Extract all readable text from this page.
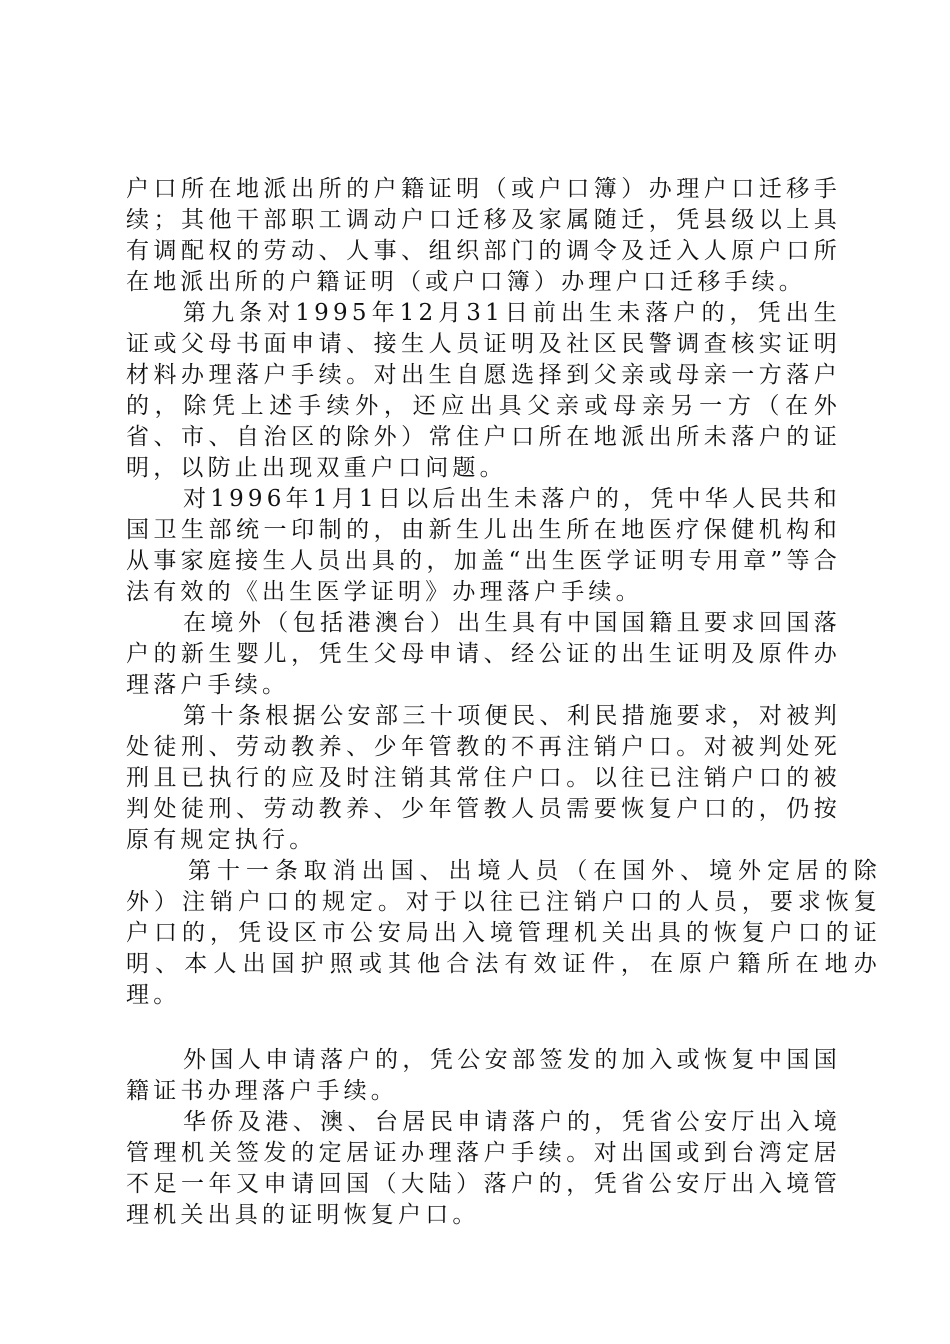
户口所在地派出所的户籍证明（或户口簿）办理户口迁移手续；其他干部职工调动户口迁移及家属随迁，凭县级以上具有调配权的劳动、人事、组织部门的调令及迁入人原户口所在地派出所的户籍证明（或户口簿）办理户口迁移手续。

第九条对1995年12月31日前出生未落户的，凭出生证或父母书面申请、接生人员证明及社区民警调查核实证明材料办理落户手续。对出生自愿选择到父亲或母亲一方落户的，除凭上述手续外，还应出具父亲或母亲另一方（在外省、市、自治区的除外）常住户口所在地派出所未落户的证明，以防止出现双重户口问题。

对1996年1月1日以后出生未落户的，凭中华人民共和国卫生部统一印制的，由新生儿出生所在地医疗保健机构和从事家庭接生人员出具的，加盖“出生医学证明专用章”等合法有效的《出生医学证明》办理落户手续。

在境外（包括港澳台）出生具有中国国籍且要求回国落户的新生婴儿，凭生父母申请、经公证的出生证明及原件办理落户手续。

第十条根据公安部三十项便民、利民措施要求，对被判处徒刑、劳动教养、少年管教的不再注销户口。对被判处死刑且已执行的应及时注销其常住户口。以往已注销户口的被判处徒刑、劳动教养、少年管教人员需要恢复户口的，仍按原有规定执行。

第十一条取消出国、出境人员（在国外、境外定居的除外）注销户口的规定。对于以往已注销户口的人员，要求恢复户口的，凭设区市公安局出入境管理机关出具的恢复户口的证明、本人出国护照或其他合法有效证件，在原户籍所在地办理。

外国人申请落户的，凭公安部签发的加入或恢复中国国籍证书办理落户手续。

华侨及港、澳、台居民申请落户的，凭省公安厅出入境管理机关签发的定居证办理落户手续。对出国或到台湾定居不足一年又申请回国（大陆）落户的，凭省公安厅出入境管理机关出具的证明恢复户口。
